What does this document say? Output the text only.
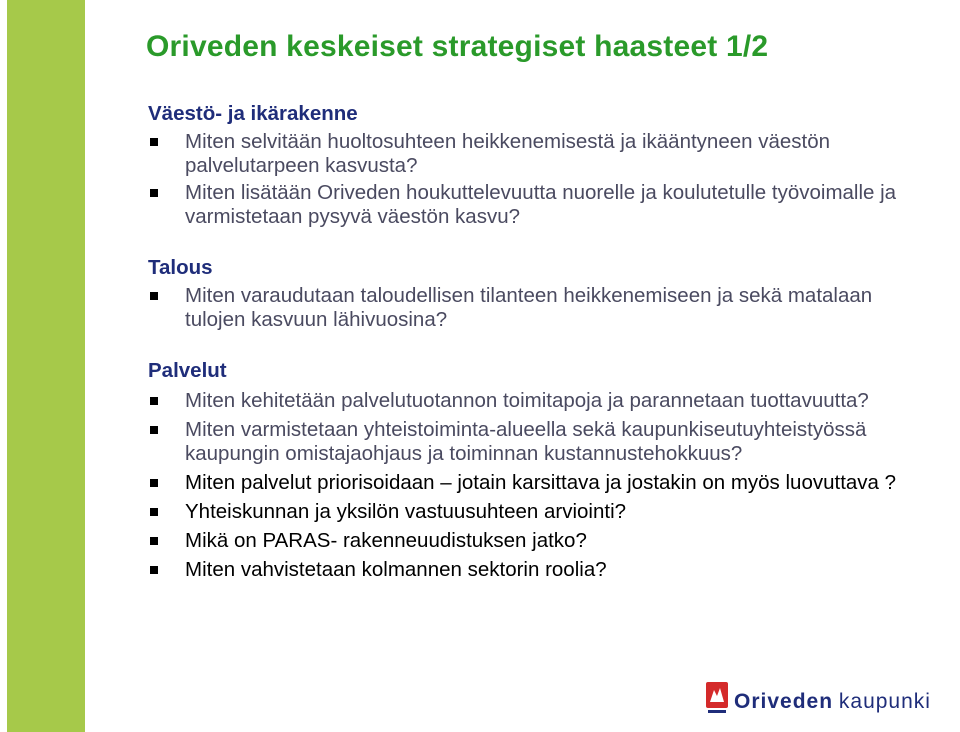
Oriveden keskeiset strategiset haasteet 1/2
Väestö- ja ikärakenne
Miten selvitään huoltosuhteen heikkenemisestä ja ikääntyneen väestön palvelutarpeen kasvusta?
Miten lisätään Oriveden houkuttelevuutta nuorelle ja koulutetulle työvoimalle ja varmistetaan pysyvä väestön kasvu?
Talous
Miten varaudutaan taloudellisen tilanteen heikkenemiseen ja sekä matalaan tulojen kasvuun lähivuosina?
Palvelut
Miten kehitetään palvelutuotannon toimitapoja ja parannetaan tuottavuutta?
Miten varmistetaan yhteistoiminta-alueella sekä kaupunkiseutuyhteistyössä kaupungin omistajaohjaus ja toiminnan kustannustehokkuus?
Miten palvelut priorisoidaan – jotain karsittava ja jostakin on myös luovuttava ?
Yhteiskunnan ja yksilön vastuusuhteen arviointi?
Mikä on PARAS- rakenneuudistuksen jatko?
Miten vahvistetaan kolmannen sektorin roolia?
Oriveden kaupunki
